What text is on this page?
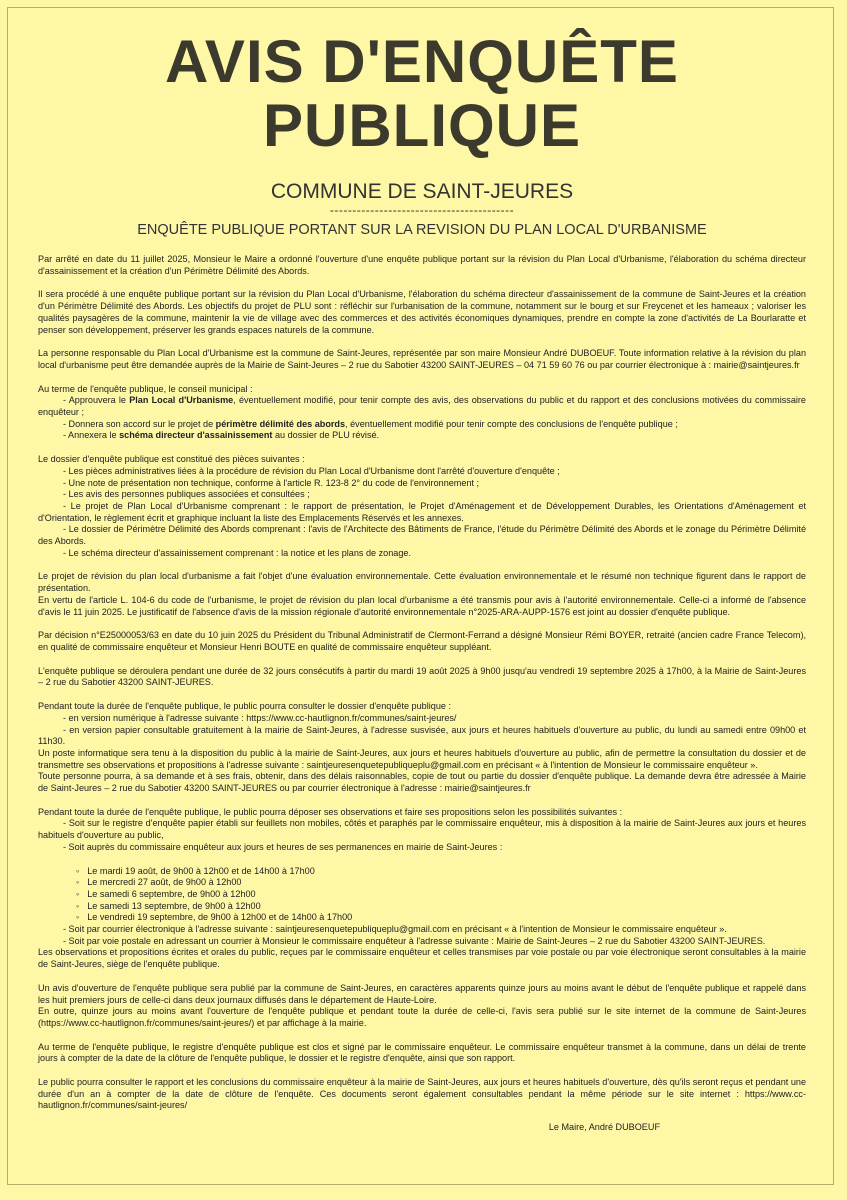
AVIS D'ENQUÊTE
PUBLIQUE
COMMUNE DE SAINT-JEURES
-----------------------------------------
ENQUÊTE PUBLIQUE PORTANT SUR LA REVISION DU PLAN LOCAL D'URBANISME

Par arrêté en date du 11 juillet 2025, Monsieur le Maire a ordonné l'ouverture d'une enquête publique portant sur la révision du Plan Local d'Urbanisme, l'élaboration du schéma directeur d'assainissement et la création d'un Périmètre Délimité des Abords.

Il sera procédé à une enquête publique portant sur la révision du Plan Local d'Urbanisme, l'élaboration du schéma directeur d'assainissement de la commune de Saint-Jeures et la création d'un Périmètre Délimité des Abords. Les objectifs du projet de PLU sont : réfléchir sur l'urbanisation de la commune, notamment sur le bourg et sur Freycenet et les hameaux ; valoriser les qualités paysagères de la commune, maintenir la vie de village avec des commerces et des activités économiques dynamiques, prendre en compte la zone d'activités de La Bourlaratte et penser son développement, préserver les grands espaces naturels de la commune.

La personne responsable du Plan Local d'Urbanisme est la commune de Saint-Jeures, représentée par son maire Monsieur André DUBOEUF. Toute information relative à la révision du plan local d'urbanisme peut être demandée auprès de la Mairie de Saint-Jeures – 2 rue du Sabotier 43200 SAINT-JEURES – 04 71 59 60 76 ou par courrier électronique à : mairie@saintjeures.fr

Au terme de l'enquête publique, le conseil municipal :
- Approuvera le Plan Local d'Urbanisme, éventuellement modifié, pour tenir compte des avis, des observations du public et du rapport et des conclusions motivées du commissaire enquêteur ;
- Donnera son accord sur le projet de périmètre délimité des abords, éventuellement modifié pour tenir compte des conclusions de l'enquête publique ;
- Annexera le schéma directeur d'assainissement au dossier de PLU révisé.

Le dossier d'enquête publique est constitué des pièces suivantes :
- Les pièces administratives liées à la procédure de révision du Plan Local d'Urbanisme dont l'arrêté d'ouverture d'enquête ;
- Une note de présentation non technique, conforme à l'article R. 123-8 2° du code de l'environnement ;
- Les avis des personnes publiques associées et consultées ;
- Le projet de Plan Local d'Urbanisme comprenant : le rapport de présentation, le Projet d'Aménagement et de Développement Durables, les Orientations d'Aménagement et d'Orientation, le règlement écrit et graphique incluant la liste des Emplacements Réservés et les annexes.
- Le dossier de Périmètre Délimité des Abords comprenant : l'avis de l'Architecte des Bâtiments de France, l'étude du Périmètre Délimité des Abords et le zonage du Périmètre Délimité des Abords.
- Le schéma directeur d'assainissement comprenant : la notice et les plans de zonage.

Le projet de révision du plan local d'urbanisme a fait l'objet d'une évaluation environnementale. Cette évaluation environnementale et le résumé non technique figurent dans le rapport de présentation.
En vertu de l'article L. 104-6 du code de l'urbanisme, le projet de révision du plan local d'urbanisme a été transmis pour avis à l'autorité environnementale. Celle-ci a informé de l'absence d'avis le 11 juin 2025. Le justificatif de l'absence d'avis de la mission régionale d'autorité environnementale n°2025-ARA-AUPP-1576 est joint au dossier d'enquête publique.

Par décision n°E25000053/63 en date du 10 juin 2025 du Président du Tribunal Administratif de Clermont-Ferrand a désigné Monsieur Rémi BOYER, retraité (ancien cadre France Telecom), en qualité de commissaire enquêteur et Monsieur Henri BOUTE en qualité de commissaire enquêteur suppléant.

L'enquête publique se déroulera pendant une durée de 32 jours consécutifs à partir du mardi 19 août 2025 à 9h00 jusqu'au vendredi 19 septembre 2025 à 17h00, à la Mairie de Saint-Jeures – 2 rue du Sabotier 43200 SAINT-JEURES.

Pendant toute la durée de l'enquête publique, le public pourra consulter le dossier d'enquête publique :
- en version numérique à l'adresse suivante : https://www.cc-hautlignon.fr/communes/saint-jeures/
- en version papier consultable gratuitement à la mairie de Saint-Jeures, à l'adresse susvisée, aux jours et heures habituels d'ouverture au public, du lundi au samedi entre 09h00 et 11h30.
Un poste informatique sera tenu à la disposition du public à la mairie de Saint-Jeures, aux jours et heures habituels d'ouverture au public, afin de permettre la consultation du dossier et de transmettre ses observations et propositions à l'adresse suivante : saintjeuresenquetepubliqueplu@gmail.com en précisant « à l'intention de Monsieur le commissaire enquêteur ».
Toute personne pourra, à sa demande et à ses frais, obtenir, dans des délais raisonnables, copie de tout ou partie du dossier d'enquête publique. La demande devra être adressée à Mairie de Saint-Jeures – 2 rue du Sabotier 43200 SAINT-JEURES ou par courrier électronique à l'adresse : mairie@saintjeures.fr

Pendant toute la durée de l'enquête publique, le public pourra déposer ses observations et faire ses propositions selon les possibilités suivantes :
- Soit sur le registre d'enquête papier établi sur feuillets non mobiles, côtés et paraphés par le commissaire enquêteur, mis à disposition à la mairie de Saint-Jeures aux jours et heures habituels d'ouverture au public,
- Soit auprès du commissaire enquêteur aux jours et heures de ses permanences en mairie de Saint-Jeures :

◦ Le mardi 19 août, de 9h00 à 12h00 et de 14h00 à 17h00
◦ Le mercredi 27 août, de 9h00 à 12h00
◦ Le samedi 6 septembre, de 9h00 à 12h00
◦ Le samedi 13 septembre, de 9h00 à 12h00
◦ Le vendredi 19 septembre, de 9h00 à 12h00 et de 14h00 à 17h00
- Soit par courrier électronique à l'adresse suivante : saintjeuresenquetepubliqueplu@gmail.com en précisant « à l'intention de Monsieur le commissaire enquêteur ».
- Soit par voie postale en adressant un courrier à Monsieur le commissaire enquêteur à l'adresse suivante : Mairie de Saint-Jeures – 2 rue du Sabotier 43200 SAINT-JEURES.
Les observations et propositions écrites et orales du public, reçues par le commissaire enquêteur et celles transmises par voie postale ou par voie électronique seront consultables à la mairie de Saint-Jeures, siège de l'enquête publique.

Un avis d'ouverture de l'enquête publique sera publié par la commune de Saint-Jeures, en caractères apparents quinze jours au moins avant le début de l'enquête publique et rappelé dans les huit premiers jours de celle-ci dans deux journaux diffusés dans le département de Haute-Loire.
En outre, quinze jours au moins avant l'ouverture de l'enquête publique et pendant toute la durée de celle-ci, l'avis sera publié sur le site internet de la commune de Saint-Jeures (https://www.cc-hautlignon.fr/communes/saint-jeures/) et par affichage à la mairie.

Au terme de l'enquête publique, le registre d'enquête publique est clos et signé par le commissaire enquêteur. Le commissaire enquêteur transmet à la commune, dans un délai de trente jours à compter de la date de la clôture de l'enquête publique, le dossier et le registre d'enquête, ainsi que son rapport.

Le public pourra consulter le rapport et les conclusions du commissaire enquêteur à la mairie de Saint-Jeures, aux jours et heures habituels d'ouverture, dès qu'ils seront reçus et pendant une durée d'un an à compter de la date de clôture de l'enquête. Ces documents seront également consultables pendant la même période sur le site internet : https://www.cc-hautlignon.fr/communes/saint-jeures/

Le Maire, André DUBOEUF
